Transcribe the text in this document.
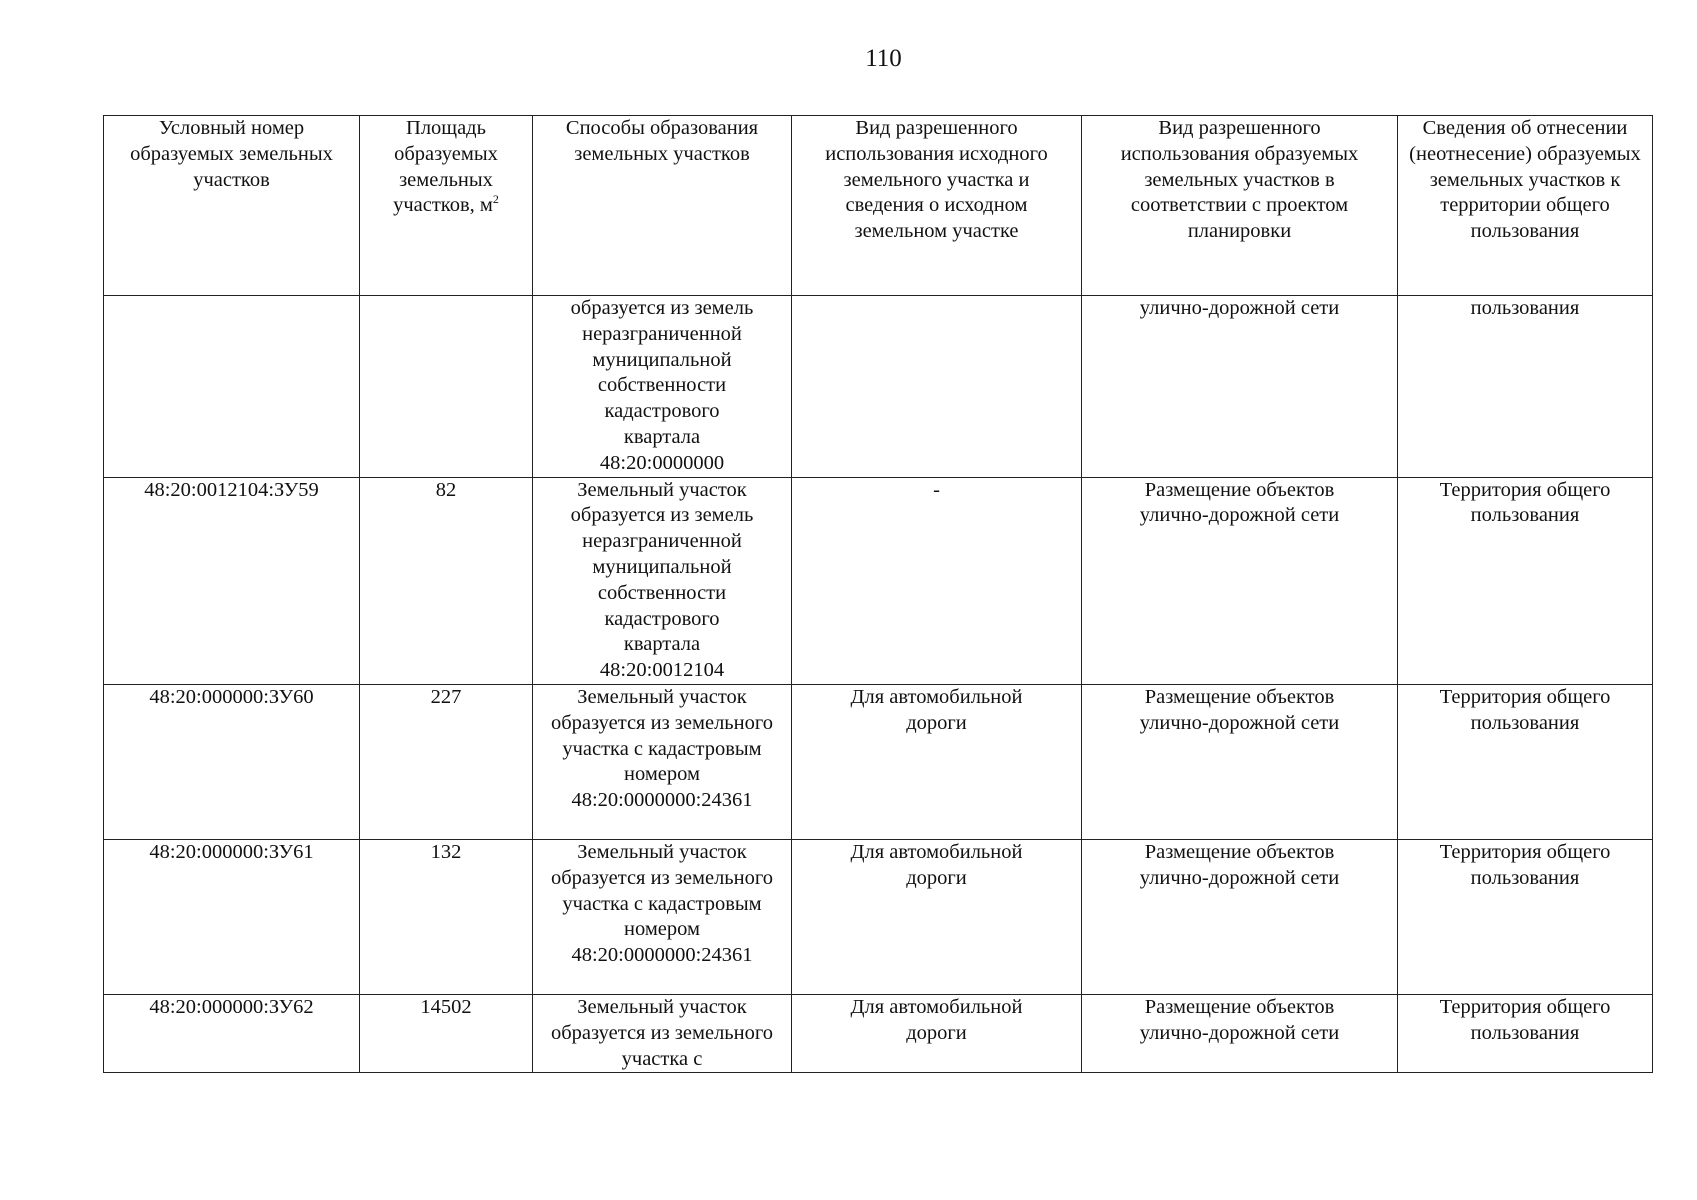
110
Условный номер образуемых земельных участков	Площадь образуемых земельных участков, $м^2$	Способы образования земельных участков	Вид разрешенного использования исходного земельного участка и сведения о исходном земельном участке	Вид разрешенного использования образуемых земельных участков в соответствии с проектом планировки	Сведения об отнесении (неотнесение) образуемых земельных участков к территории общего пользования
		образуется из земель неразграниченной муниципальной собственности кадастрового квартала 48:20:0000000		улично-дорожной сети	пользования
48:20:0012104:ЗУ59	82	Земельный участок образуется из земель неразграниченной муниципальной собственности кадастрового квартала 48:20:0012104	-	Размещение объектов улично-дорожной сети	Территория общего пользования
48:20:000000:ЗУ60	227	Земельный участок образуется из земельного участка с кадастровым номером 48:20:0000000:24361	Для автомобильной дороги	Размещение объектов улично-дорожной сети	Территория общего пользования
48:20:000000:ЗУ61	132	Земельный участок образуется из земельного участка с кадастровым номером 48:20:0000000:24361	Для автомобильной дороги	Размещение объектов улично-дорожной сети	Территория общего пользования
48:20:000000:ЗУ62	14502	Земельный участок образуется из земельного участка с	Для автомобильной дороги	Размещение объектов улично-дорожной сети	Территория общего пользования
